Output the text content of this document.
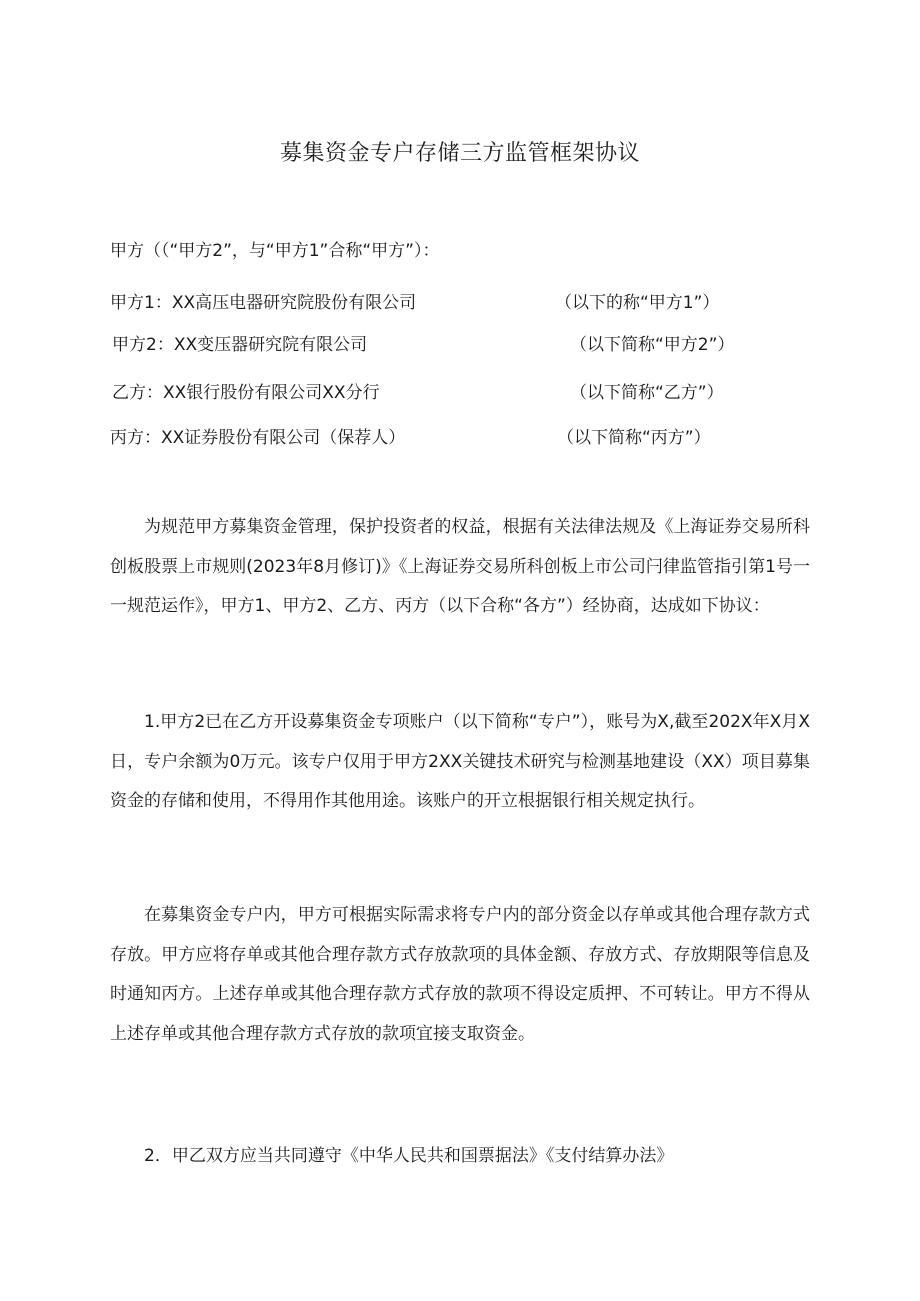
募集资金专户存储三方监管框架协议
甲方（（“甲方2”，与“甲方1”合称“甲方”）：
甲方1：XX高压电器研究院股份有限公司	（以下的称“甲方1”）
甲方2：XX变压器研究院有限公司	（以下简称“甲方2”）
乙方：XX银行股份有限公司XX分行	（以下简称“乙方”）
丙方：XX证券股份有限公司（保荐人）	（以下简称“丙方”）

为规范甲方募集资金管理，保护投资者的权益，根据有关法律法规及《上海证券交易所科创板股票上市规则(2023年8月修订)》《上海证券交易所科创板上市公司闩律监管指引第1号一一规范运作》，甲方1、甲方2、乙方、丙方（以下合称“各方”）经协商，达成如下协议：

1.甲方2已在乙方开设募集资金专项账户（以下简称“专户”），账号为X,截至202X年X月X日，专户余额为0万元。该专户仅用于甲方2XX关键技术研究与检测基地建设（XX）项目募集资金的存储和使用，不得用作其他用途。该账户的开立根据银行相关规定执行。

在募集资金专户内，甲方可根据实际需求将专户内的部分资金以存单或其他合理存款方式存放。甲方应将存单或其他合理存款方式存放款项的具体金额、存放方式、存放期限等信息及时通知丙方。上述存单或其他合理存款方式存放的款项不得设定质押、不可转让。甲方不得从上述存单或其他合理存款方式存放的款项宜接支取资金。

2．甲乙双方应当共同遵守《中华人民共和国票据法》《支付结算办法》
